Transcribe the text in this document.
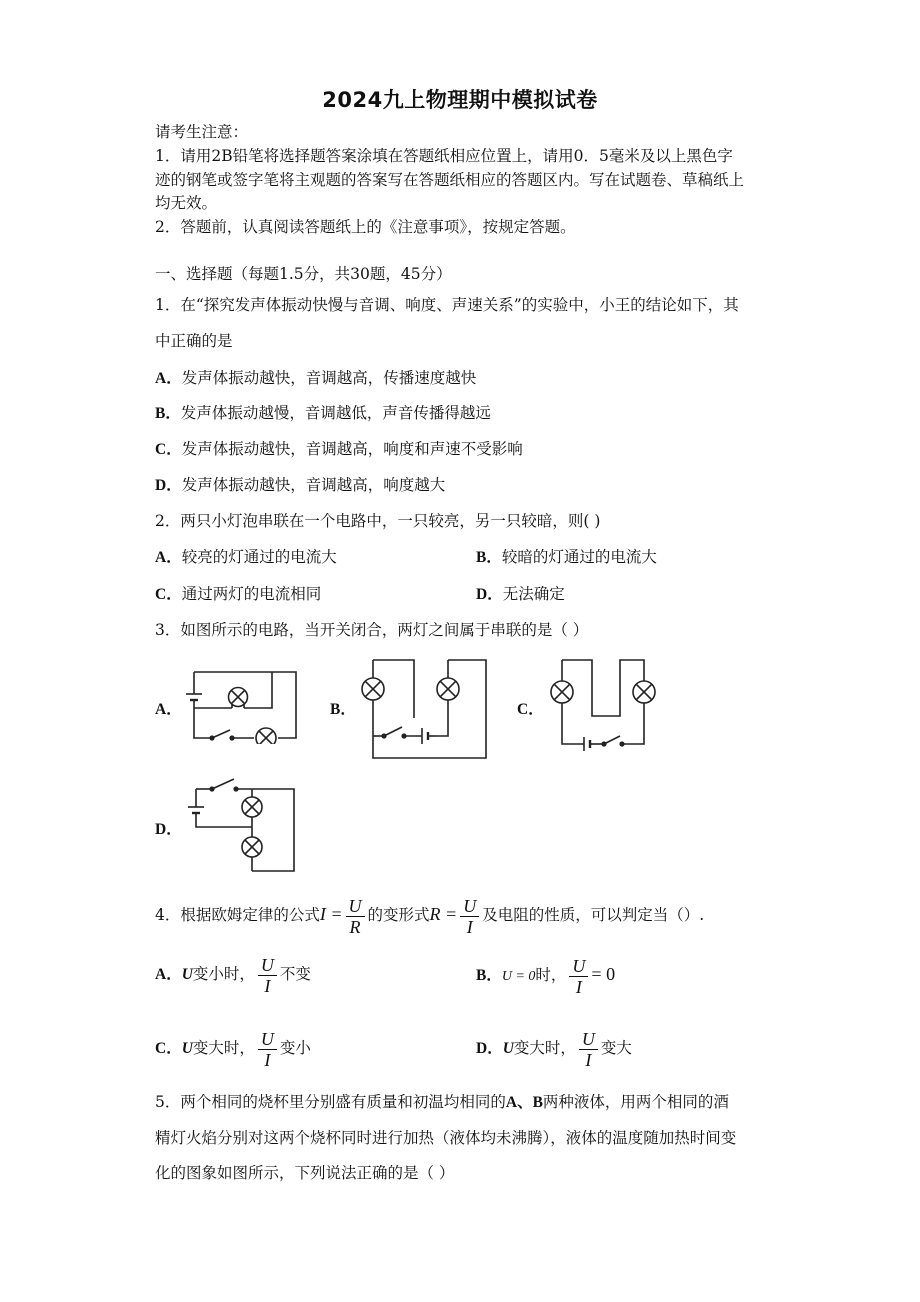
2024九上物理期中模拟试卷
请考生注意：
1．请用2B铅笔将选择题答案涂填在答题纸相应位置上，请用0．5毫米及以上黑色字
迹的钢笔或签字笔将主观题的答案写在答题纸相应的答题区内。写在试题卷、草稿纸上
均无效。
2．答题前，认真阅读答题纸上的《注意事项》，按规定答题。
一、选择题（每题1.5分，共30题，45分）
1．在“探究发声体振动快慢与音调、响度、声速关系”的实验中，小王的结论如下，其
中正确的是
A．发声体振动越快，音调越高，传播速度越快
B．发声体振动越慢，音调越低，声音传播得越远
C．发声体振动越快，音调越高，响度和声速不受影响
D．发声体振动越快，音调越高，响度越大
2．两只小灯泡串联在一个电路中，一只较亮，另一只较暗，则( )
A．较亮的灯通过的电流大	B．较暗的灯通过的电流大
C．通过两灯的电流相同	D．无法确定
3．如图所示的电路，当开关闭合，两灯之间属于串联的是（ ）
A．	B．	C．
D．
4．根据欧姆定律的公式$I = \frac{U}{R}$ 的变形式$R = \frac{U}{I}$ 及电阻的性质，可以判定当（）.
A．U变小时， $\frac{U}{I}$ 不变	B．U = 0时， $\frac{U}{I} = 0$
C．U变大时， $\frac{U}{I}$ 变小	D．U变大时， $\frac{U}{I}$ 变大
5．两个相同的烧杯里分别盛有质量和初温均相同的A、B两种液体，用两个相同的酒
精灯火焰分别对这两个烧杯同时进行加热（液体均未沸腾），液体的温度随加热时间变
化的图象如图所示，下列说法正确的是（ ）
